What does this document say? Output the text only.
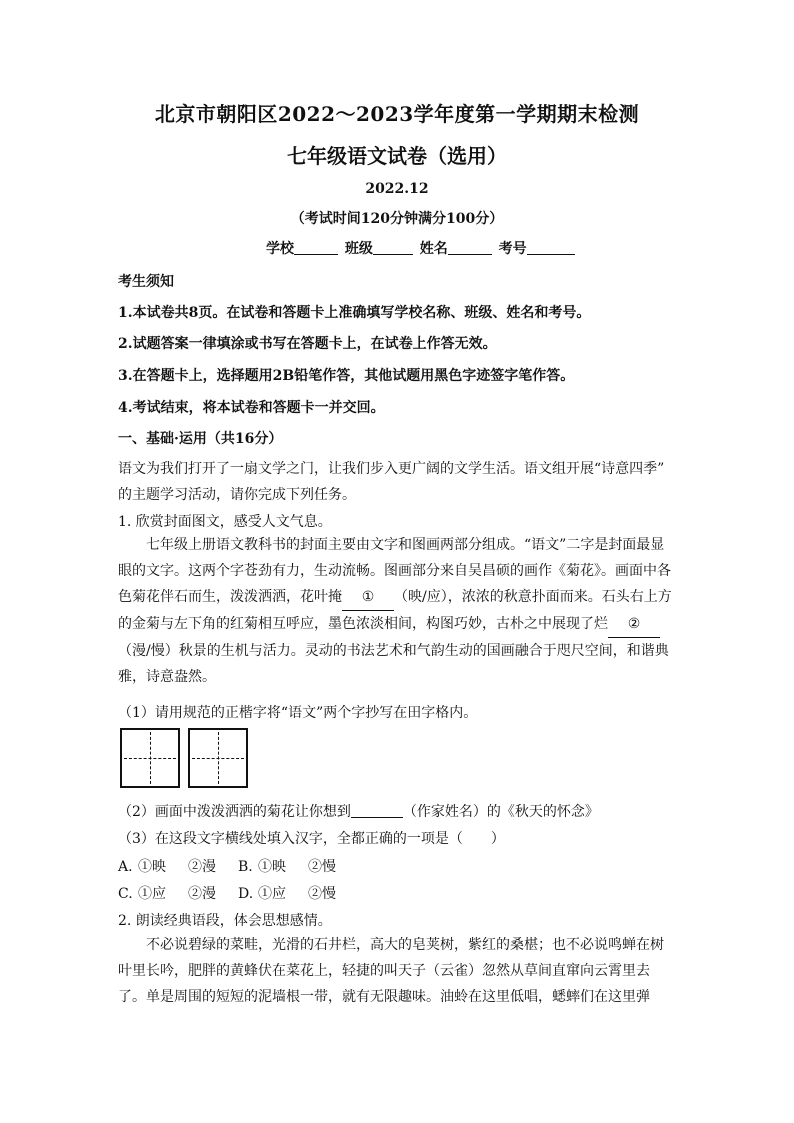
北京市朝阳区2022～2023学年度第一学期期末检测
七年级语文试卷（选用）
2022.12
（考试时间120分钟满分100分）
学校	班级	姓名	考号
考生须知
1.本试卷共8页。在试卷和答题卡上准确填写学校名称、班级、姓名和考号。
2.试题答案一律填涂或书写在答题卡上，在试卷上作答无效。
3.在答题卡上，选择题用2B铅笔作答，其他试题用黑色字迹签字笔作答。
4.考试结束，将本试卷和答题卡一并交回。
一、基础·运用（共16分）
语文为我们打开了一扇文学之门，让我们步入更广阔的文学生活。语文组开展“诗意四季”
的主题学习活动，请你完成下列任务。
1. 欣赏封面图文，感受人文气息。
七年级上册语文教科书的封面主要由文字和图画两部分组成。“语文”二字是封面最显
眼的文字。这两个字苍劲有力，生动流畅。图画部分来自吴昌硕的画作《菊花》。画面中各
色菊花伴石而生，泼泼洒洒，花叶掩 ① （映/应），浓浓的秋意扑面而来。石头右上方
的金菊与左下角的红菊相互呼应，墨色浓淡相间，构图巧妙，古朴之中展现了烂 ②
（漫/慢）秋景的生机与活力。灵动的书法艺术和气韵生动的国画融合于咫尺空间，和谐典
雅，诗意盎然。
（1）请用规范的正楷字将“语文”两个字抄写在田字格内。
（2）画面中泼泼洒洒的菊花让你想到	（作家姓名）的《秋天的怀念》
（3）在这段文字横线处填入汉字，全都正确的一项是（　　）
A. ①映 ②漫 B. ①映 ②慢
C. ①应 ②漫 D. ①应 ②慢
2. 朗读经典语段，体会思想感情。
不必说碧绿的菜畦，光滑的石井栏，高大的皂荚树，紫红的桑椹；也不必说鸣蝉在树
叶里长吟，肥胖的黄蜂伏在菜花上，轻捷的叫天子（云雀）忽然从草间直窜向云霄里去
了。单是周围的短短的泥墙根一带，就有无限趣味。油蛉在这里低唱，蟋蟀们在这里弹
